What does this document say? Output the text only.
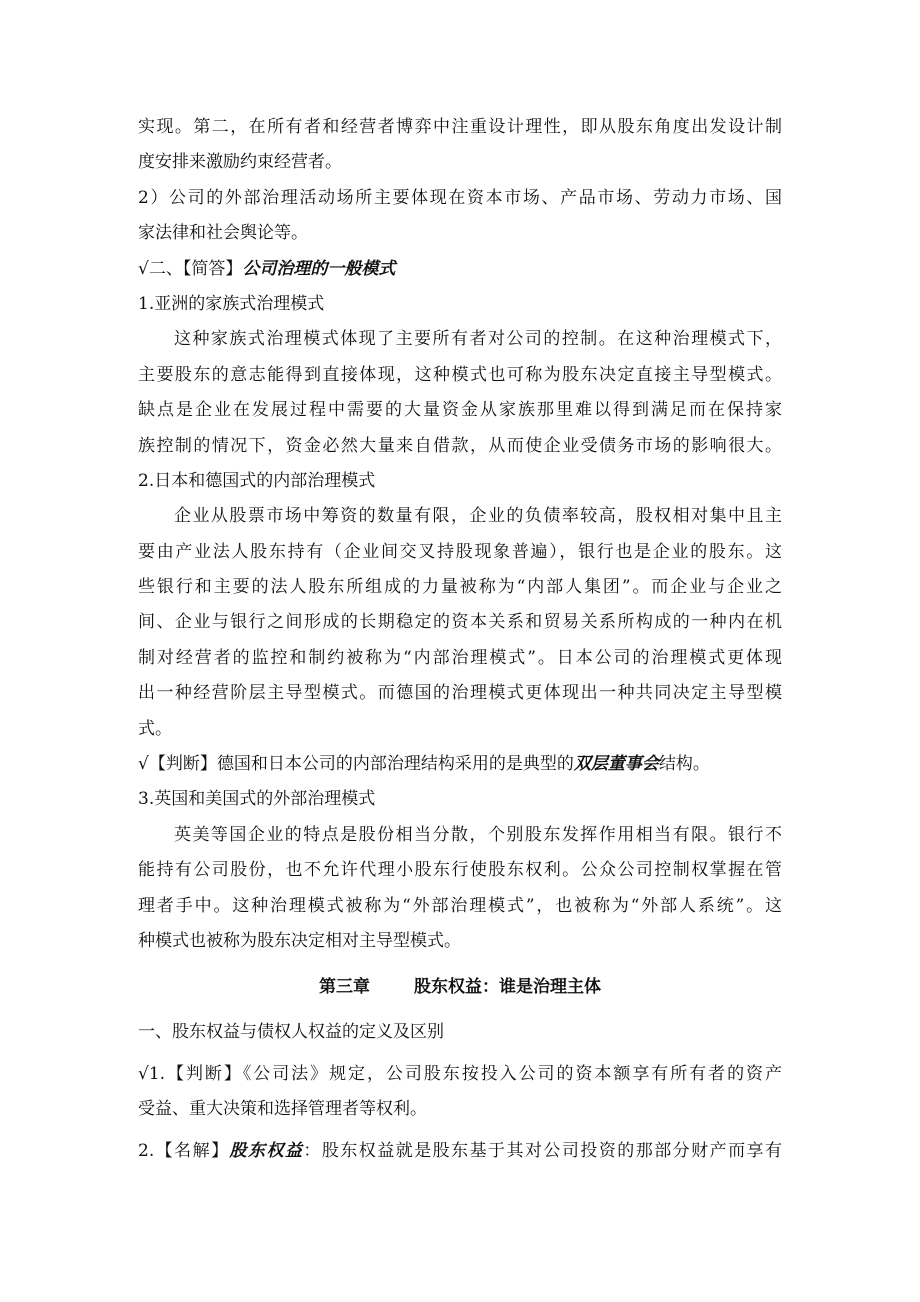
实现。第二，在所有者和经营者博弈中注重设计理性，即从股东角度出发设计制
度安排来激励约束经营者。
2）公司的外部治理活动场所主要体现在资本市场、产品市场、劳动力市场、国
家法律和社会舆论等。
√二、【简答】公司治理的一般模式
1.亚洲的家族式治理模式
这种家族式治理模式体现了主要所有者对公司的控制。在这种治理模式下，
主要股东的意志能得到直接体现，这种模式也可称为股东决定直接主导型模式。
缺点是企业在发展过程中需要的大量资金从家族那里难以得到满足而在保持家
族控制的情况下，资金必然大量来自借款，从而使企业受债务市场的影响很大。
2.日本和德国式的内部治理模式
企业从股票市场中筹资的数量有限，企业的负债率较高，股权相对集中且主
要由产业法人股东持有（企业间交叉持股现象普遍），银行也是企业的股东。这
些银行和主要的法人股东所组成的力量被称为“内部人集团”。而企业与企业之
间、企业与银行之间形成的长期稳定的资本关系和贸易关系所构成的一种内在机
制对经营者的监控和制约被称为“内部治理模式”。日本公司的治理模式更体现
出一种经营阶层主导型模式。而德国的治理模式更体现出一种共同决定主导型模
式。
√【判断】德国和日本公司的内部治理结构采用的是典型的双层董事会结构。
3.英国和美国式的外部治理模式
英美等国企业的特点是股份相当分散，个别股东发挥作用相当有限。银行不
能持有公司股份，也不允许代理小股东行使股东权利。公众公司控制权掌握在管
理者手中。这种治理模式被称为“外部治理模式”，也被称为“外部人系统”。这
种模式也被称为股东决定相对主导型模式。
第三章	股东权益：谁是治理主体
一、股东权益与债权人权益的定义及区别
√1.【判断】《公司法》规定，公司股东按投入公司的资本额享有所有者的资产
受益、重大决策和选择管理者等权利。
2.【名解】股东权益：股东权益就是股东基于其对公司投资的那部分财产而享有
